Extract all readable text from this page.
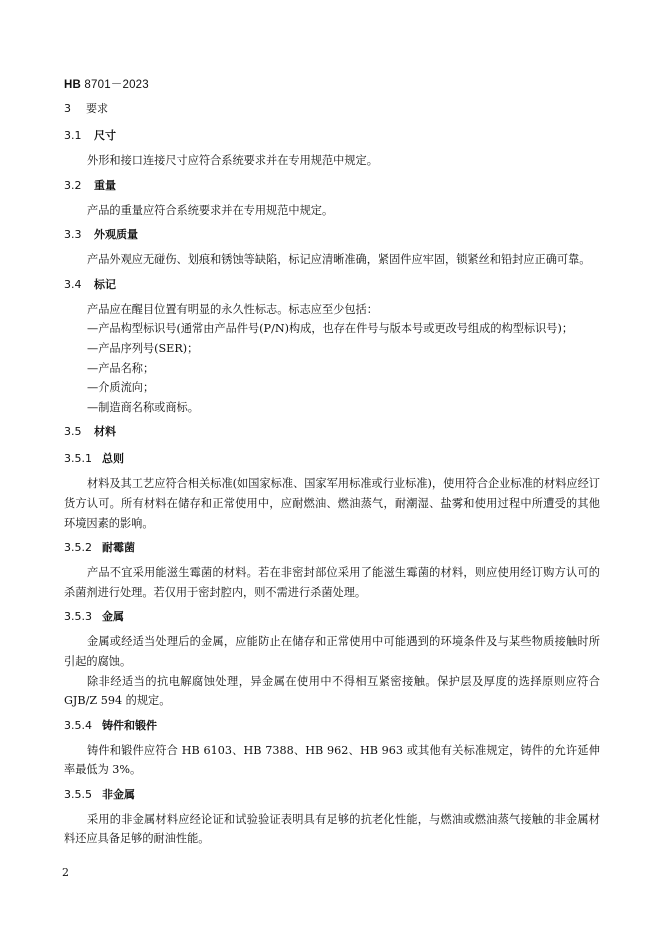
HB 8701－2023
3 要求
3.1 尺寸

外形和接口连接尺寸应符合系统要求并在专用规范中规定。

3.2 重量

产品的重量应符合系统要求并在专用规范中规定。

3.3 外观质量

产品外观应无碰伤、划痕和锈蚀等缺陷，标记应清晰准确，紧固件应牢固，锁紧丝和铅封应正确可靠。

3.4 标记

产品应在醒目位置有明显的永久性标志。标志应至少包括：

—产品构型标识号(通常由产品件号(P/N)构成，也存在件号与版本号或更改号组成的构型标识号)；

—产品序列号(SER)；

—产品名称；

—介质流向；

—制造商名称或商标。

3.5 材料
3.5.1 总则

材料及其工艺应符合相关标准(如国家标准、国家军用标准或行业标准)，使用符合企业标准的材料应经订货方认可。所有材料在储存和正常使用中，应耐燃油、燃油蒸气，耐潮湿、盐雾和使用过程中所遭受的其他环境因素的影响。

3.5.2 耐霉菌

产品不宜采用能滋生霉菌的材料。若在非密封部位采用了能滋生霉菌的材料，则应使用经订购方认可的杀菌剂进行处理。若仅用于密封腔内，则不需进行杀菌处理。

3.5.3 金属

金属或经适当处理后的金属，应能防止在储存和正常使用中可能遇到的环境条件及与某些物质接触时所引起的腐蚀。

除非经适当的抗电解腐蚀处理，异金属在使用中不得相互紧密接触。保护层及厚度的选择原则应符合 GJB/Z 594 的规定。

3.5.4 铸件和锻件

铸件和锻件应符合 HB 6103、HB 7388、HB 962、HB 963 或其他有关标准规定，铸件的允许延伸率最低为 3%。

3.5.5 非金属

采用的非金属材料应经论证和试验验证表明具有足够的抗老化性能，与燃油或燃油蒸气接触的非金属材料还应具备足够的耐油性能。

2
